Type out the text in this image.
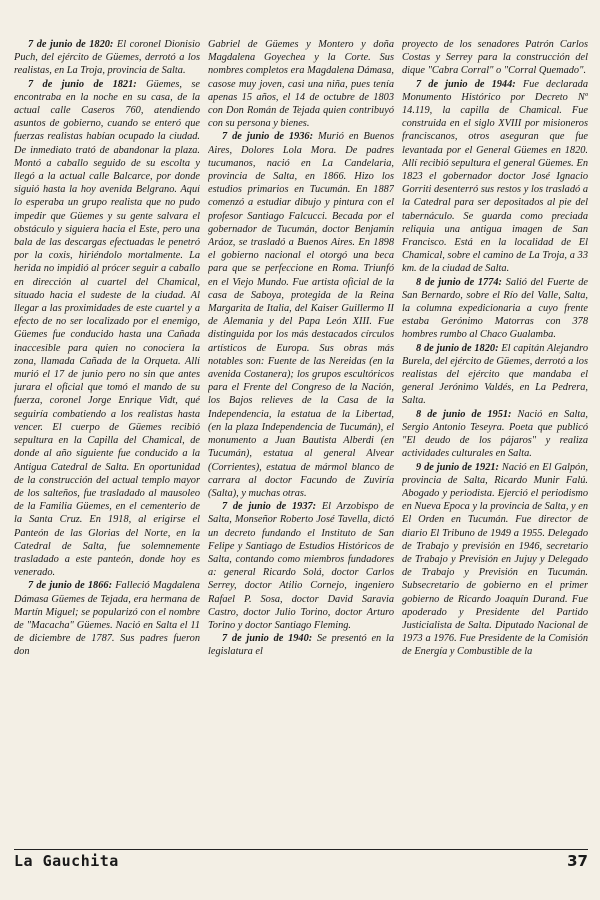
7 de junio de 1820: El coronel Dionisio Puch, del ejército de Güemes, derrotó a los realistas, en La Troja, provincia de Salta.

7 de junio de 1821: Güemes, se encontraba en la noche en su casa, de la actual calle Caseros 760, atendiendo asuntos de gobierno, cuando se enteró que fuerzas realistas habían ocupado la ciudad. De inmediato trató de abandonar la plaza. Montó a caballo seguido de su escolta y llegó a la actual calle Balcarce, por donde siguió hasta la hoy avenida Belgrano. Aquí lo esperaba un grupo realista que no pudo impedir que Güemes y su gente salvara el obstáculo y siguiera hacia el Este, pero una bala de las descargas efectuadas le penetró por la coxis, hiriéndolo mortalmente. La herida no impidió al prócer seguir a caballo en dirección al cuartel del Chamical, situado hacia el sudeste de la ciudad. Al llegar a las proximidades de este cuartel y a efecto de no ser localizado por el enemigo, Güemes fue conducido hasta una Cañada inaccesible para quien no conociera la zona, llamada Cañada de la Orqueta. Allí murió el 17 de junio pero no sin que antes jurara el oficial que tomó el mando de su fuerza, coronel Jorge Enrique Vidt, qué seguiría combatiendo a los realistas hasta vencer. El cuerpo de Güemes recibió sepultura en la Capilla del Chamical, de donde al año siguiente fue conducido a la Antigua Catedral de Salta. En oportunidad de la construcción del actual templo mayor de los salteños, fue trasladado al mausoleo de la Familia Güemes, en el cementerio de la Santa Cruz. En 1918, al erigirse el Panteón de las Glorias del Norte, en la Catedral de Salta, fue solemnemente trasladado a este panteón, donde hoy es venerado.

7 de junio de 1866: Falleció Magdalena Dámasa Güemes de Tejada, era hermana de Martín Miguel; se popularizó con el nombre de "Macacha" Güemes. Nació en Salta el 11 de diciembre de 1787. Sus padres fueron don

Gabriel de Güemes y Montero y doña Magdalena Goyechea y la Corte. Sus nombres completos era Magdalena Dámasa, casose muy joven, casi una niña, pues tenía apenas 15 años, el 14 de octubre de 1803 con Don Román de Tejada quien contribuyó con su persona y bienes.

7 de junio de 1936: Murió en Buenos Aires, Dolores Lola Mora. De padres tucumanos, nació en La Candelaria, provincia de Salta, en 1866. Hizo los estudios primarios en Tucumán. En 1887 comenzó a estudiar dibujo y pintura con el profesor Santiago Falcucci. Becada por el gobernador de Tucumán, doctor Benjamín Aráoz, se trasladó a Buenos Aires. En 1898 el gobierno nacional el otorgó una beca para que se perfeccione en Roma. Triunfó en el Viejo Mundo. Fue artista oficial de la casa de Saboya, protegida de la Reina Margarita de Italia, del Kaiser Guillermo II de Alemania y del Papa León XIII. Fue distinguida por los más destacados círculos artísticos de Europa. Sus obras más notables son: Fuente de las Nereidas (en la avenida Costanera); los grupos escultóricos para el Frente del Congreso de la Nación, los Bajos relieves de la Casa de la Independencia, la estatua de la Libertad, (en la plaza Independencia de Tucumán), el monumento a Juan Bautista Alberdi (en Tucumán), estatua al general Alvear (Corrientes), estatua de mármol blanco de carrara al doctor Facundo de Zuviría (Salta), y muchas otras.

7 de junio de 1937: El Arzobispo de Salta, Monseñor Roberto José Tavella, dictó un decreto fundando el Instituto de San Felipe y Santiago de Estudios Históricos de Salta, contando como miembros fundadores a: general Ricardo Solá, doctor Carlos Serrey, doctor Atilio Cornejo, ingeniero Rafael P. Sosa, doctor David Saravia Castro, doctor Julio Torino, doctor Arturo Torino y doctor Santiago Fleming.

7 de junio de 1940: Se presentó en la legislatura el

proyecto de los senadores Patrón Carlos Costas y Serrey para la construcción del dique "Cabra Corral" o "Corral Quemado".

7 de junio de 1944: Fue declarada Monumento Histórico por Decreto Nº 14.119, la capilla de Chamical. Fue construida en el siglo XVIII por misioneros franciscanos, otros aseguran que fue levantada por el General Güemes en 1820. Allí recibió sepultura el general Güemes. En 1823 el gobernador doctor José Ignacio Gorriti desenterró sus restos y los trasladó a la Catedral para ser depositados al pie del tabernáculo. Se guarda como preciada reliquia una antigua imagen de San Francisco. Está en la localidad de El Chamical, sobre el camino de La Troja, a 33 km. de la ciudad de Salta.

8 de junio de 1774: Salió del Fuerte de San Bernardo, sobre el Río del Valle, Salta, la columna expedicionaria a cuyo frente estaba Gerónimo Matorras con 378 hombres rumbo al Chaco Gualamba.

8 de junio de 1820: El capitán Alejandro Burela, del ejército de Güemes, derrotó a los realistas del ejército que mandaba el general Jerónimo Valdés, en La Pedrera, Salta.

8 de junio de 1951: Nació en Salta, Sergio Antonio Teseyra. Poeta que publicó "El deudo de los pájaros" y realiza actividades culturales en Salta.

9 de junio de 1921: Nació en El Galpón, provincia de Salta, Ricardo Munir Falú. Abogado y periodista. Ejerció el periodismo en Nueva Epoca y la provincia de Salta, y en El Orden en Tucumán. Fue director de diario El Tribuno de 1949 a 1955. Delegado de Trabajo y previsión en 1946, secretario de Trabajo y Previsión en Jujuy y Delegado de Trabajo y Previsión en Tucumán. Subsecretario de gobierno en el primer gobierno de Ricardo Joaquín Durand. Fue apoderado y Presidente del Partido Justicialista de Salta. Diputado Nacional de 1973 a 1976. Fue Presidente de la Comisión de Energía y Combustible de la

La Gauchita	37
